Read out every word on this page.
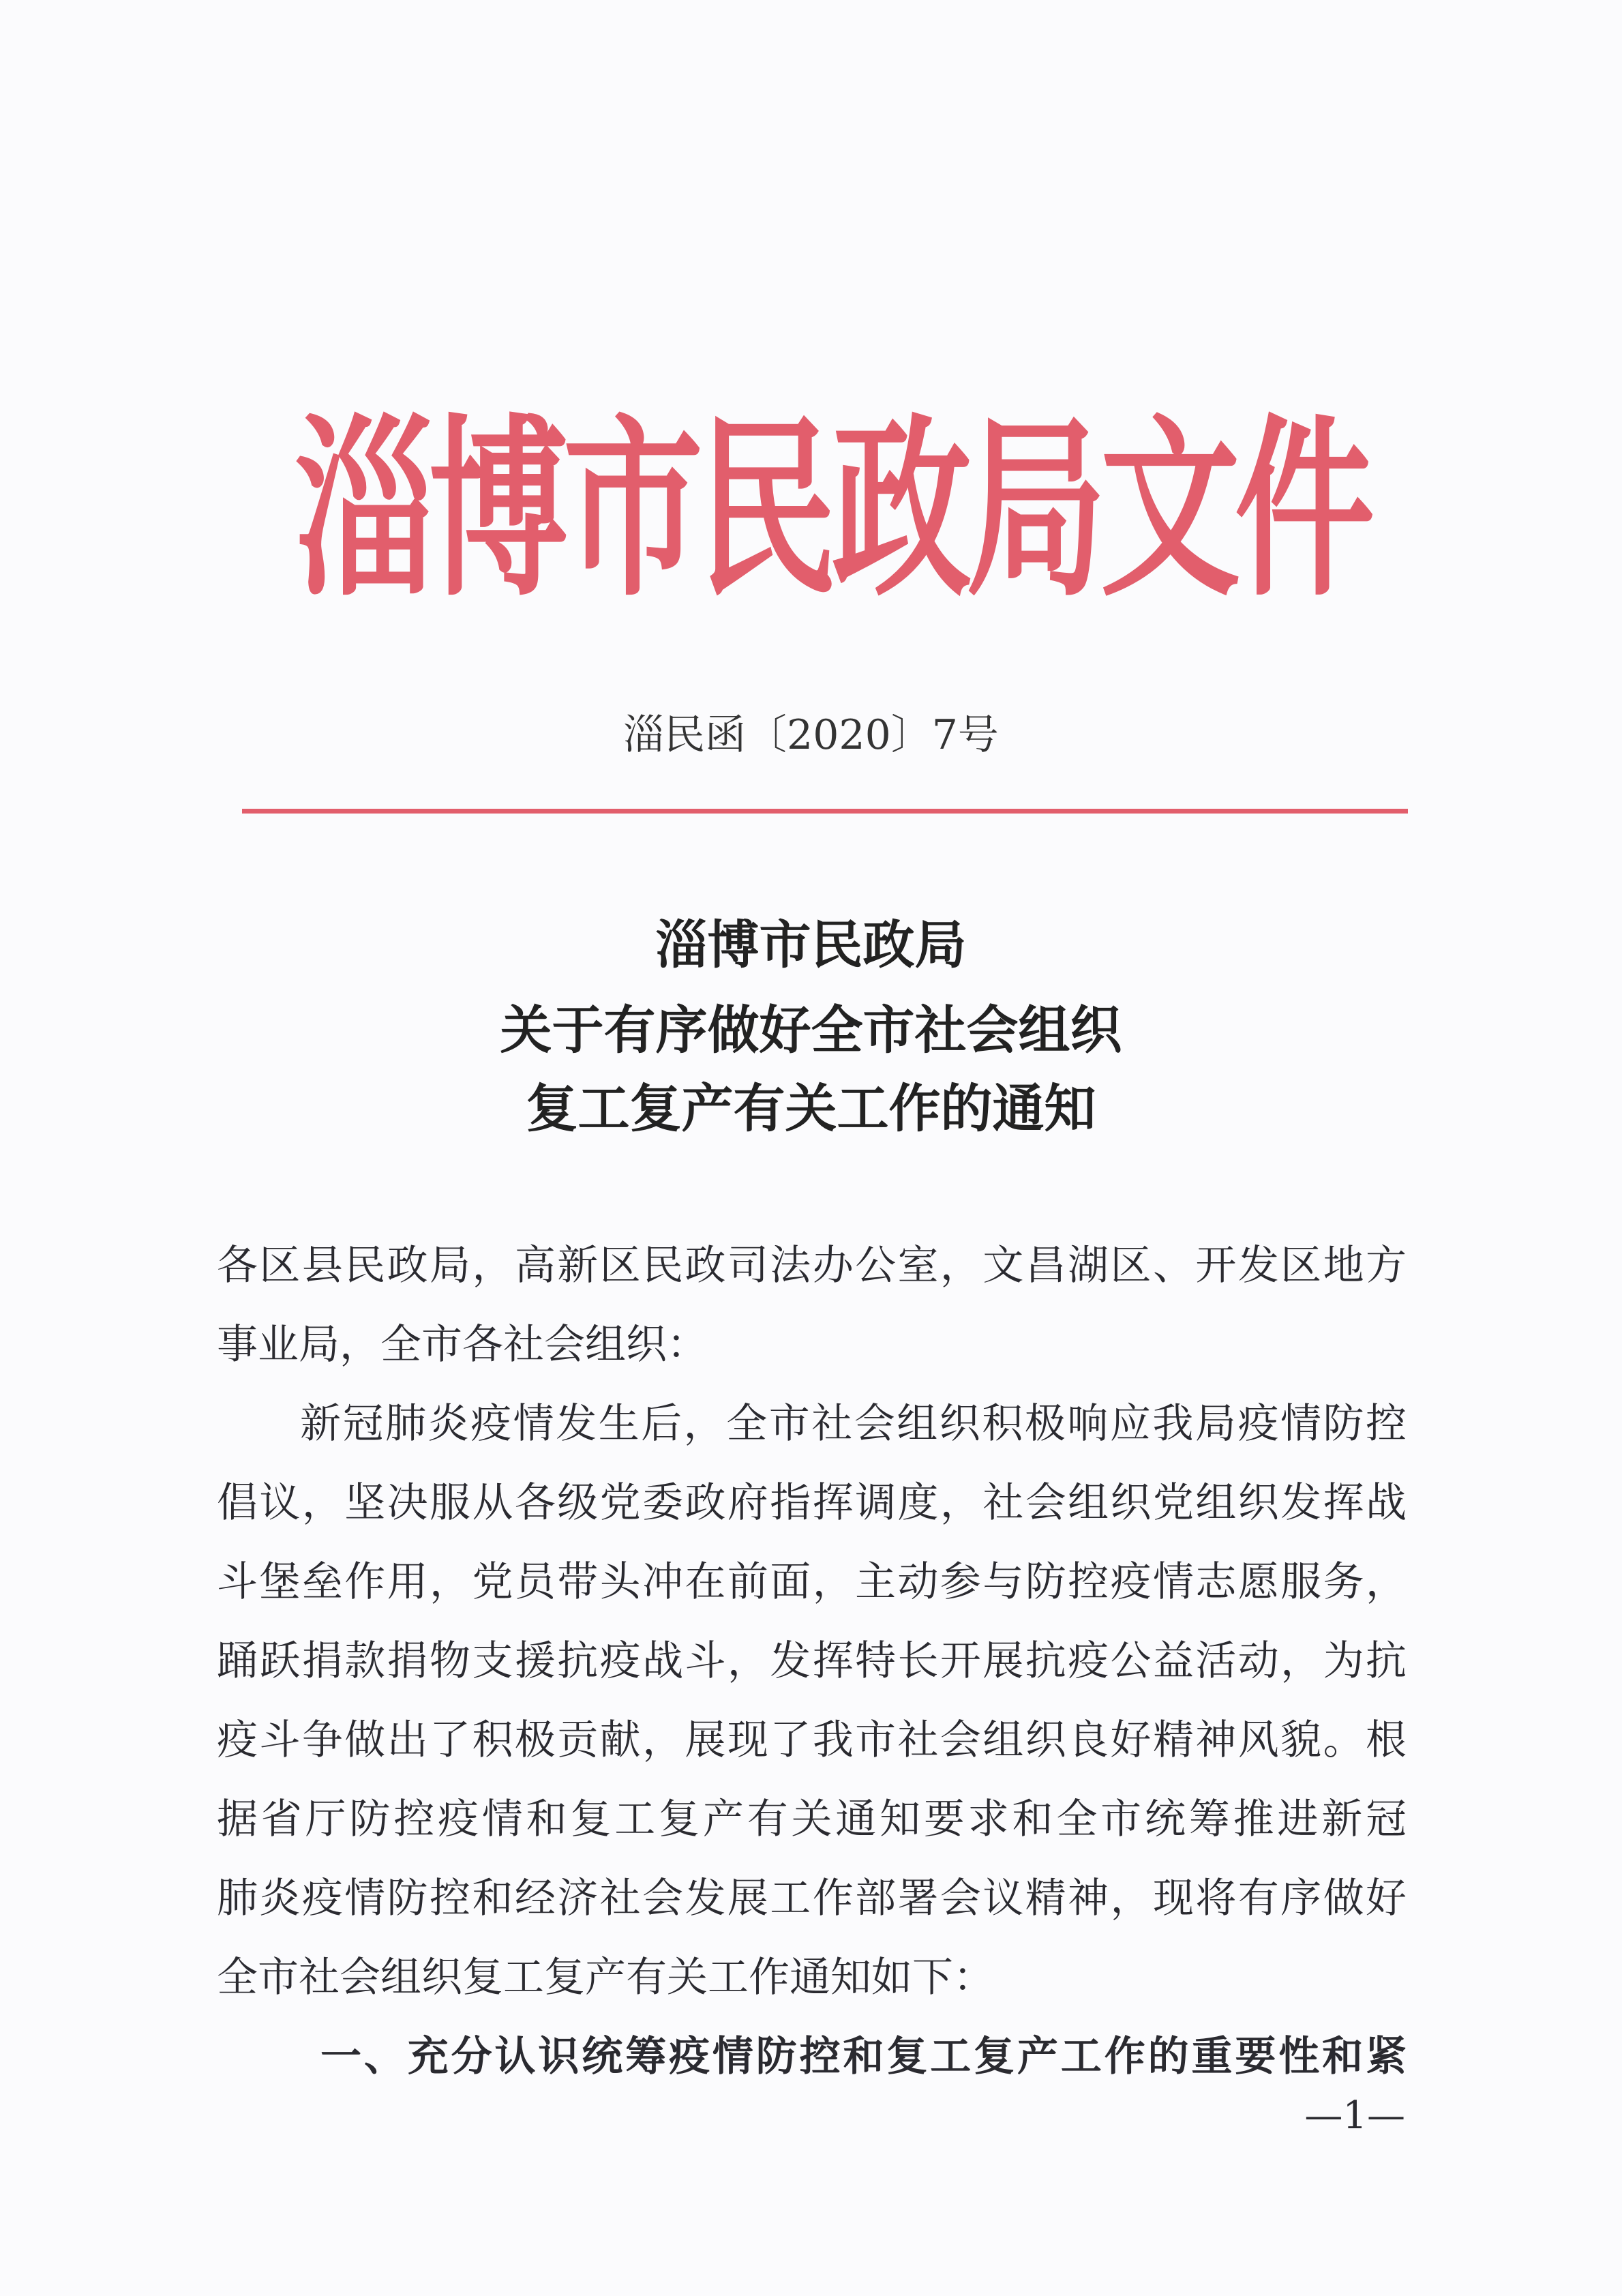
淄博市民政局文件
淄民函〔2020〕7号
淄博市民政局
关于有序做好全市社会组织
复工复产有关工作的通知
各区县民政局，高新区民政司法办公室，文昌湖区、开发区地方
事业局，全市各社会组织：
新冠肺炎疫情发生后，全市社会组织积极响应我局疫情防控
倡议，坚决服从各级党委政府指挥调度，社会组织党组织发挥战
斗堡垒作用，党员带头冲在前面，主动参与防控疫情志愿服务，
踊跃捐款捐物支援抗疫战斗，发挥特长开展抗疫公益活动，为抗
疫斗争做出了积极贡献，展现了我市社会组织良好精神风貌。根
据省厅防控疫情和复工复产有关通知要求和全市统筹推进新冠
肺炎疫情防控和经济社会发展工作部署会议精神，现将有序做好
全市社会组织复工复产有关工作通知如下：
一、充分认识统筹疫情防控和复工复产工作的重要性和紧
—1—
